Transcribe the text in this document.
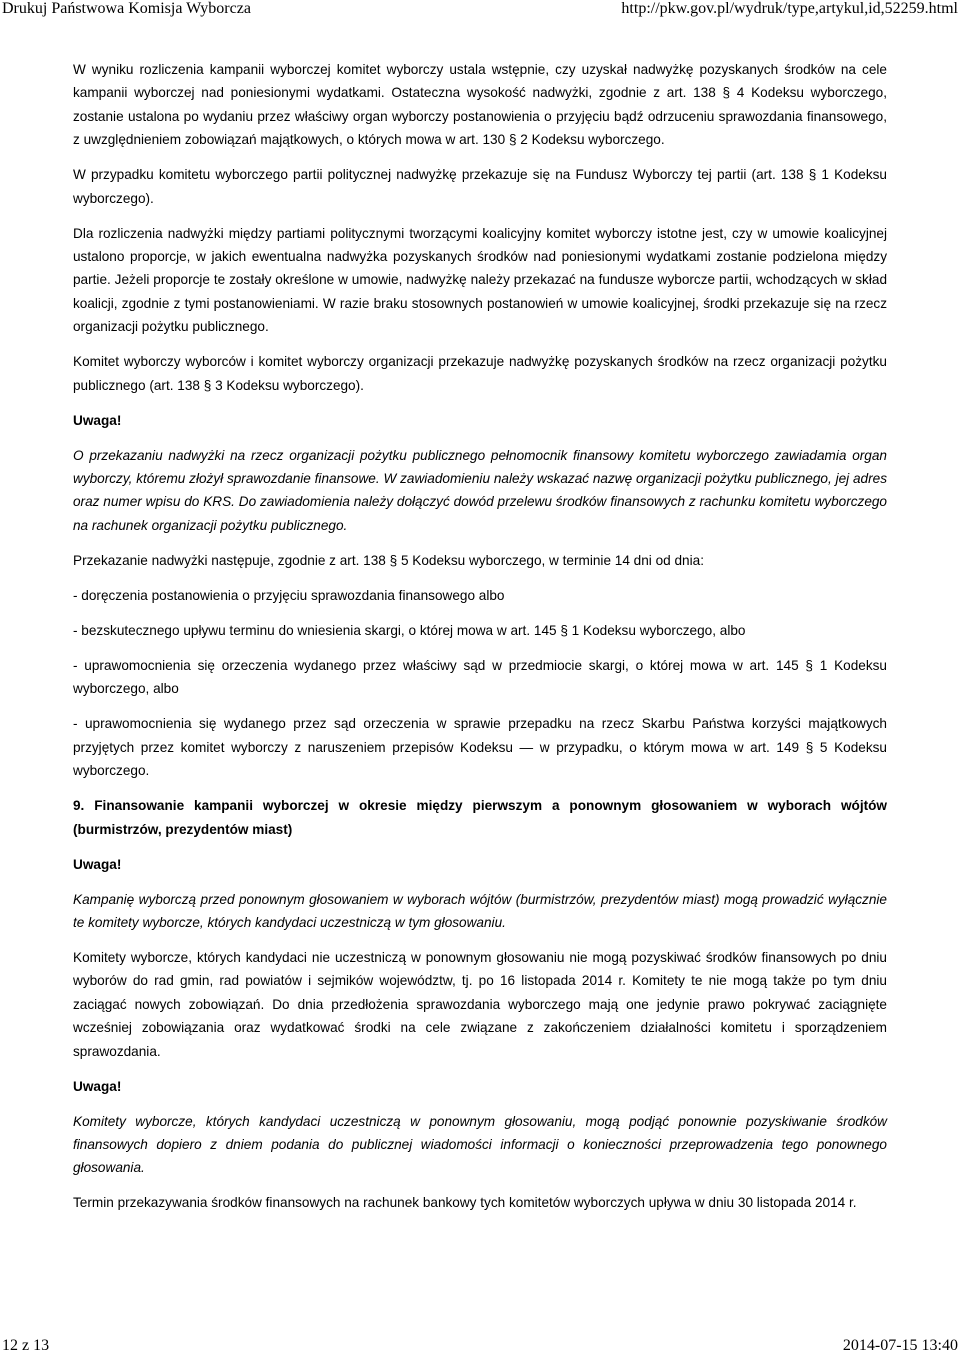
Drukuj Państwowa Komisja Wyborcza	http://pkw.gov.pl/wydruk/type,artykul,id,52259.html

W wyniku rozliczenia kampanii wyborczej komitet wyborczy ustala wstępnie, czy uzyskał nadwyżkę pozyskanych środków na cele kampanii wyborczej nad poniesionymi wydatkami. Ostateczna wysokość nadwyżki, zgodnie z art. 138 § 4 Kodeksu wyborczego, zostanie ustalona po wydaniu przez właściwy organ wyborczy postanowienia o przyjęciu bądź odrzuceniu sprawozdania finansowego, z uwzględnieniem zobowiązań majątkowych, o których mowa w art. 130 § 2 Kodeksu wyborczego.

W przypadku komitetu wyborczego partii politycznej nadwyżkę przekazuje się na Fundusz Wyborczy tej partii (art. 138 § 1 Kodeksu wyborczego).

Dla rozliczenia nadwyżki między partiami politycznymi tworzącymi koalicyjny komitet wyborczy istotne jest, czy w umowie koalicyjnej ustalono proporcje, w jakich ewentualna nadwyżka pozyskanych środków nad poniesionymi wydatkami zostanie podzielona między partie. Jeżeli proporcje te zostały określone w umowie, nadwyżkę należy przekazać na fundusze wyborcze partii, wchodzących w skład koalicji, zgodnie z tymi postanowieniami. W razie braku stosownych postanowień w umowie koalicyjnej, środki przekazuje się na rzecz organizacji pożytku publicznego.

Komitet wyborczy wyborców i komitet wyborczy organizacji przekazuje nadwyżkę pozyskanych środków na rzecz organizacji pożytku publicznego (art. 138 § 3 Kodeksu wyborczego).

Uwaga!

O przekazaniu nadwyżki na rzecz organizacji pożytku publicznego pełnomocnik finansowy komitetu wyborczego zawiadamia organ wyborczy, któremu złożył sprawozdanie finansowe. W zawiadomieniu należy wskazać nazwę organizacji pożytku publicznego, jej adres oraz numer wpisu do KRS. Do zawiadomienia należy dołączyć dowód przelewu środków finansowych z rachunku komitetu wyborczego na rachunek organizacji pożytku publicznego.

Przekazanie nadwyżki następuje, zgodnie z art. 138 § 5 Kodeksu wyborczego, w terminie 14 dni od dnia:

- doręczenia postanowienia o przyjęciu sprawozdania finansowego albo

- bezskutecznego upływu terminu do wniesienia skargi, o której mowa w art. 145 § 1 Kodeksu wyborczego, albo

- uprawomocnienia się orzeczenia wydanego przez właściwy sąd w przedmiocie skargi, o której mowa w art. 145 § 1 Kodeksu wyborczego, albo

- uprawomocnienia się wydanego przez sąd orzeczenia w sprawie przepadku na rzecz Skarbu Państwa korzyści majątkowych przyjętych przez komitet wyborczy z naruszeniem przepisów Kodeksu — w przypadku, o którym mowa w art. 149 § 5 Kodeksu wyborczego.

9. Finansowanie kampanii wyborczej w okresie między pierwszym a ponownym głosowaniem w wyborach wójtów (burmistrzów, prezydentów miast)

Uwaga!

Kampanię wyborczą przed ponownym głosowaniem w wyborach wójtów (burmistrzów, prezydentów miast) mogą prowadzić wyłącznie te komitety wyborcze, których kandydaci uczestniczą w tym głosowaniu.

Komitety wyborcze, których kandydaci nie uczestniczą w ponownym głosowaniu nie mogą pozyskiwać środków finansowych po dniu wyborów do rad gmin, rad powiatów i sejmików województw, tj. po 16 listopada 2014 r. Komitety te nie mogą także po tym dniu zaciągać nowych zobowiązań. Do dnia przedłożenia sprawozdania wyborczego mają one jedynie prawo pokrywać zaciągnięte wcześniej zobowiązania oraz wydatkować środki na cele związane z zakończeniem działalności komitetu i sporządzeniem sprawozdania.

Uwaga!

Komitety wyborcze, których kandydaci uczestniczą w ponownym głosowaniu, mogą podjąć ponownie pozyskiwanie środków finansowych dopiero z dniem podania do publicznej wiadomości informacji o konieczności przeprowadzenia tego ponownego głosowania.

Termin przekazywania środków finansowych na rachunek bankowy tych komitetów wyborczych upływa w dniu 30 listopada 2014 r.

12 z 13	2014-07-15 13:40
